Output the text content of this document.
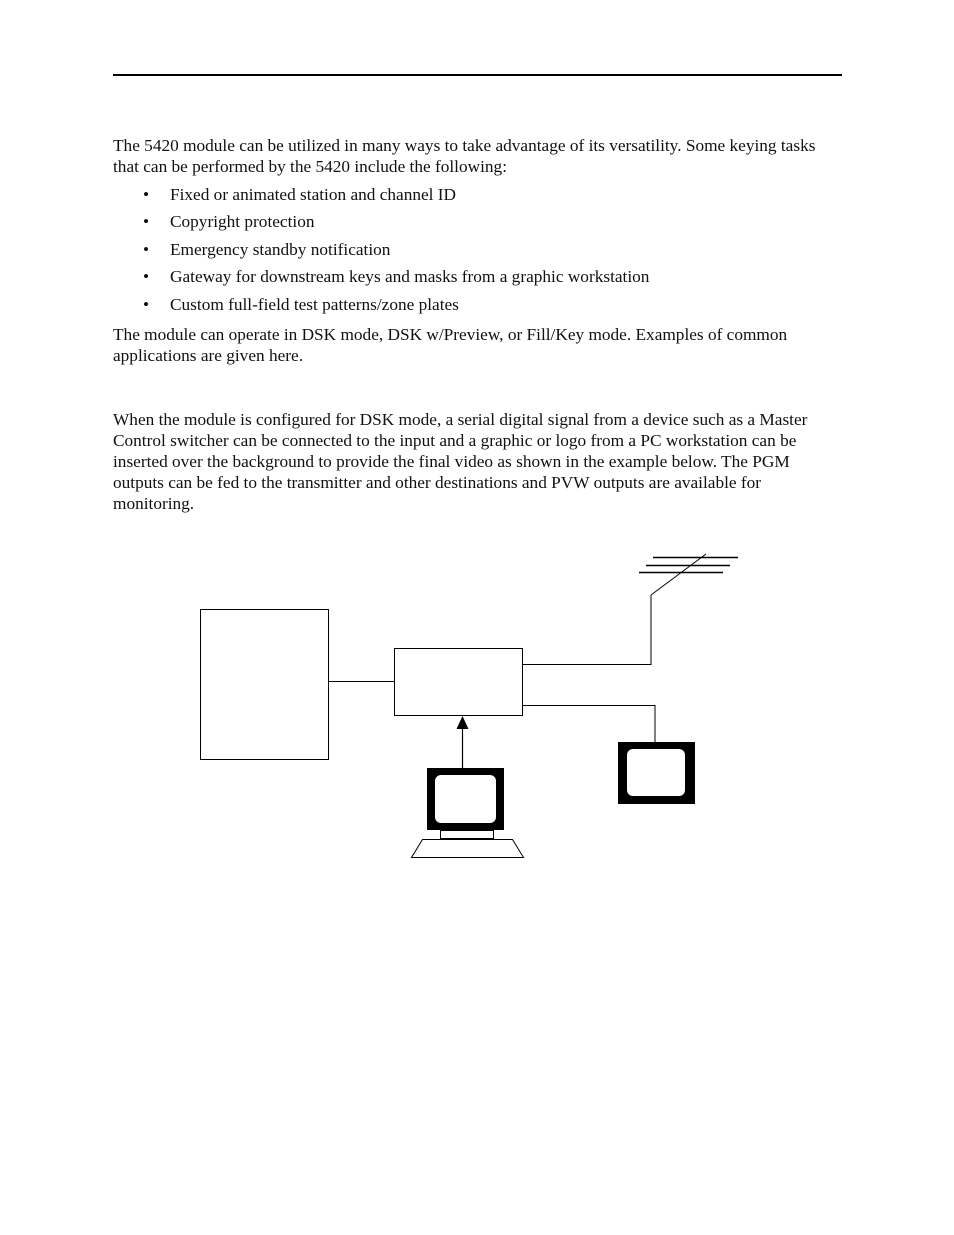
The 5420 module can be utilized in many ways to take advantage of its versatility. Some keying tasks that can be performed by the 5420 include the following:

• Fixed or animated station and channel ID
• Copyright protection
• Emergency standby notification
• Gateway for downstream keys and masks from a graphic workstation
• Custom full-field test patterns/zone plates

The module can operate in DSK mode, DSK w/Preview, or Fill/Key mode. Examples of common applications are given here.

When the module is configured for DSK mode, a serial digital signal from a device such as a Master Control switcher can be connected to the input and a graphic or logo from a PC workstation can be inserted over the background to provide the final video as shown in the example below. The PGM outputs can be fed to the transmitter and other destinations and PVW outputs are available for monitoring.
